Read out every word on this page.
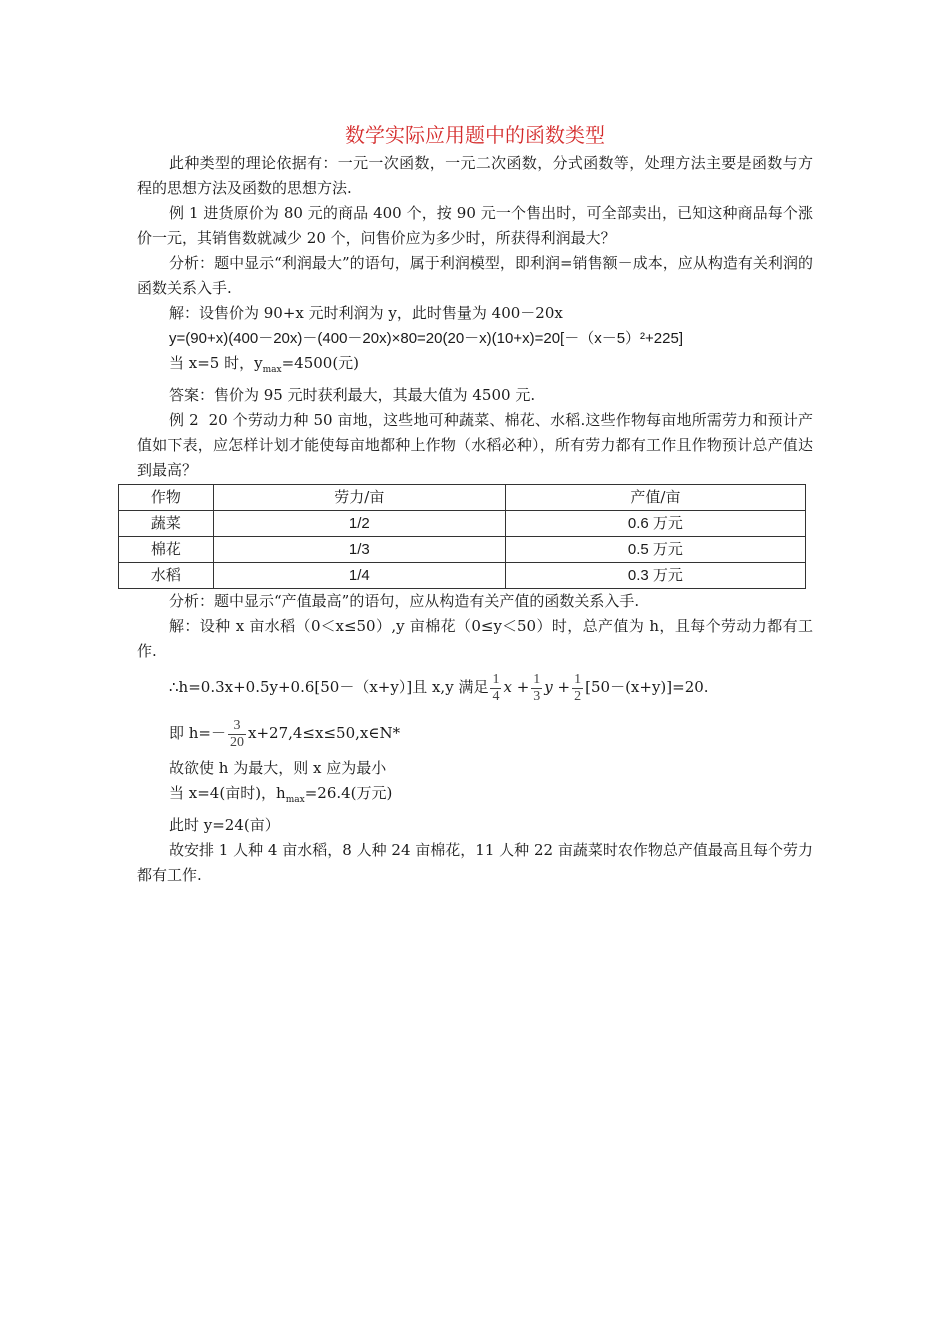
数学实际应用题中的函数类型

此种类型的理论依据有：一元一次函数，一元二次函数，分式函数等，处理方法主要是函数与方程的思想方法及函数的思想方法.

例 1 进货原价为 80 元的商品 400 个，按 90 元一个售出时，可全部卖出，已知这种商品每个涨价一元，其销售数就减少 20 个，问售价应为多少时，所获得利润最大？

分析：题中显示“利润最大”的语句，属于利润模型，即利润=销售额－成本，应从构造有关利润的函数关系入手.

解：设售价为 90+x 元时利润为 y，此时售量为 400－20x

y=(90+x)(400－20x)－(400－20x)×80=20(20－x)(10+x)=20[－（x－5）²+225]

当 x=5 时，$y_{max}=4500$(元)

答案：售价为 95 元时获利最大，其最大值为 4500 元.

例 2 20 个劳动力种 50 亩地，这些地可种蔬菜、棉花、水稻.这些作物每亩地所需劳力和预计产值如下表，应怎样计划才能使每亩地都种上作物（水稻必种），所有劳力都有工作且作物预计总产值达到最高？

作物	劳力/亩	产值/亩
蔬菜	1/2	0.6 万元
棉花	1/3	0.5 万元
水稻	1/4	0.3 万元

分析：题中显示“产值最高”的语句，应从构造有关产值的函数关系入手.

解：设种 x 亩水稻（0＜x≤50）,y 亩棉花（0≤y＜50）时，总产值为 h，且每个劳动力都有工作.

∴h=0.3x+0.5y+0.6[50－（x+y）]且 x,y 满足 $\frac{1}{4}$ $x + \frac{1}{3}$ $y + \frac{1}{2} [50-(x+y)]=20$.

即 $h=- \frac{3}{20}$ x+27,4≤x≤50,x∈N*

故欲使 h 为最大，则 x 应为最小

当 x=4(亩时)，$h_{max}=26.4$(万元)

此时 y=24(亩）

故安排 1 人种 4 亩水稻，8 人种 24 亩棉花，11 人种 22 亩蔬菜时农作物总产值最高且每个劳力都有工作.
